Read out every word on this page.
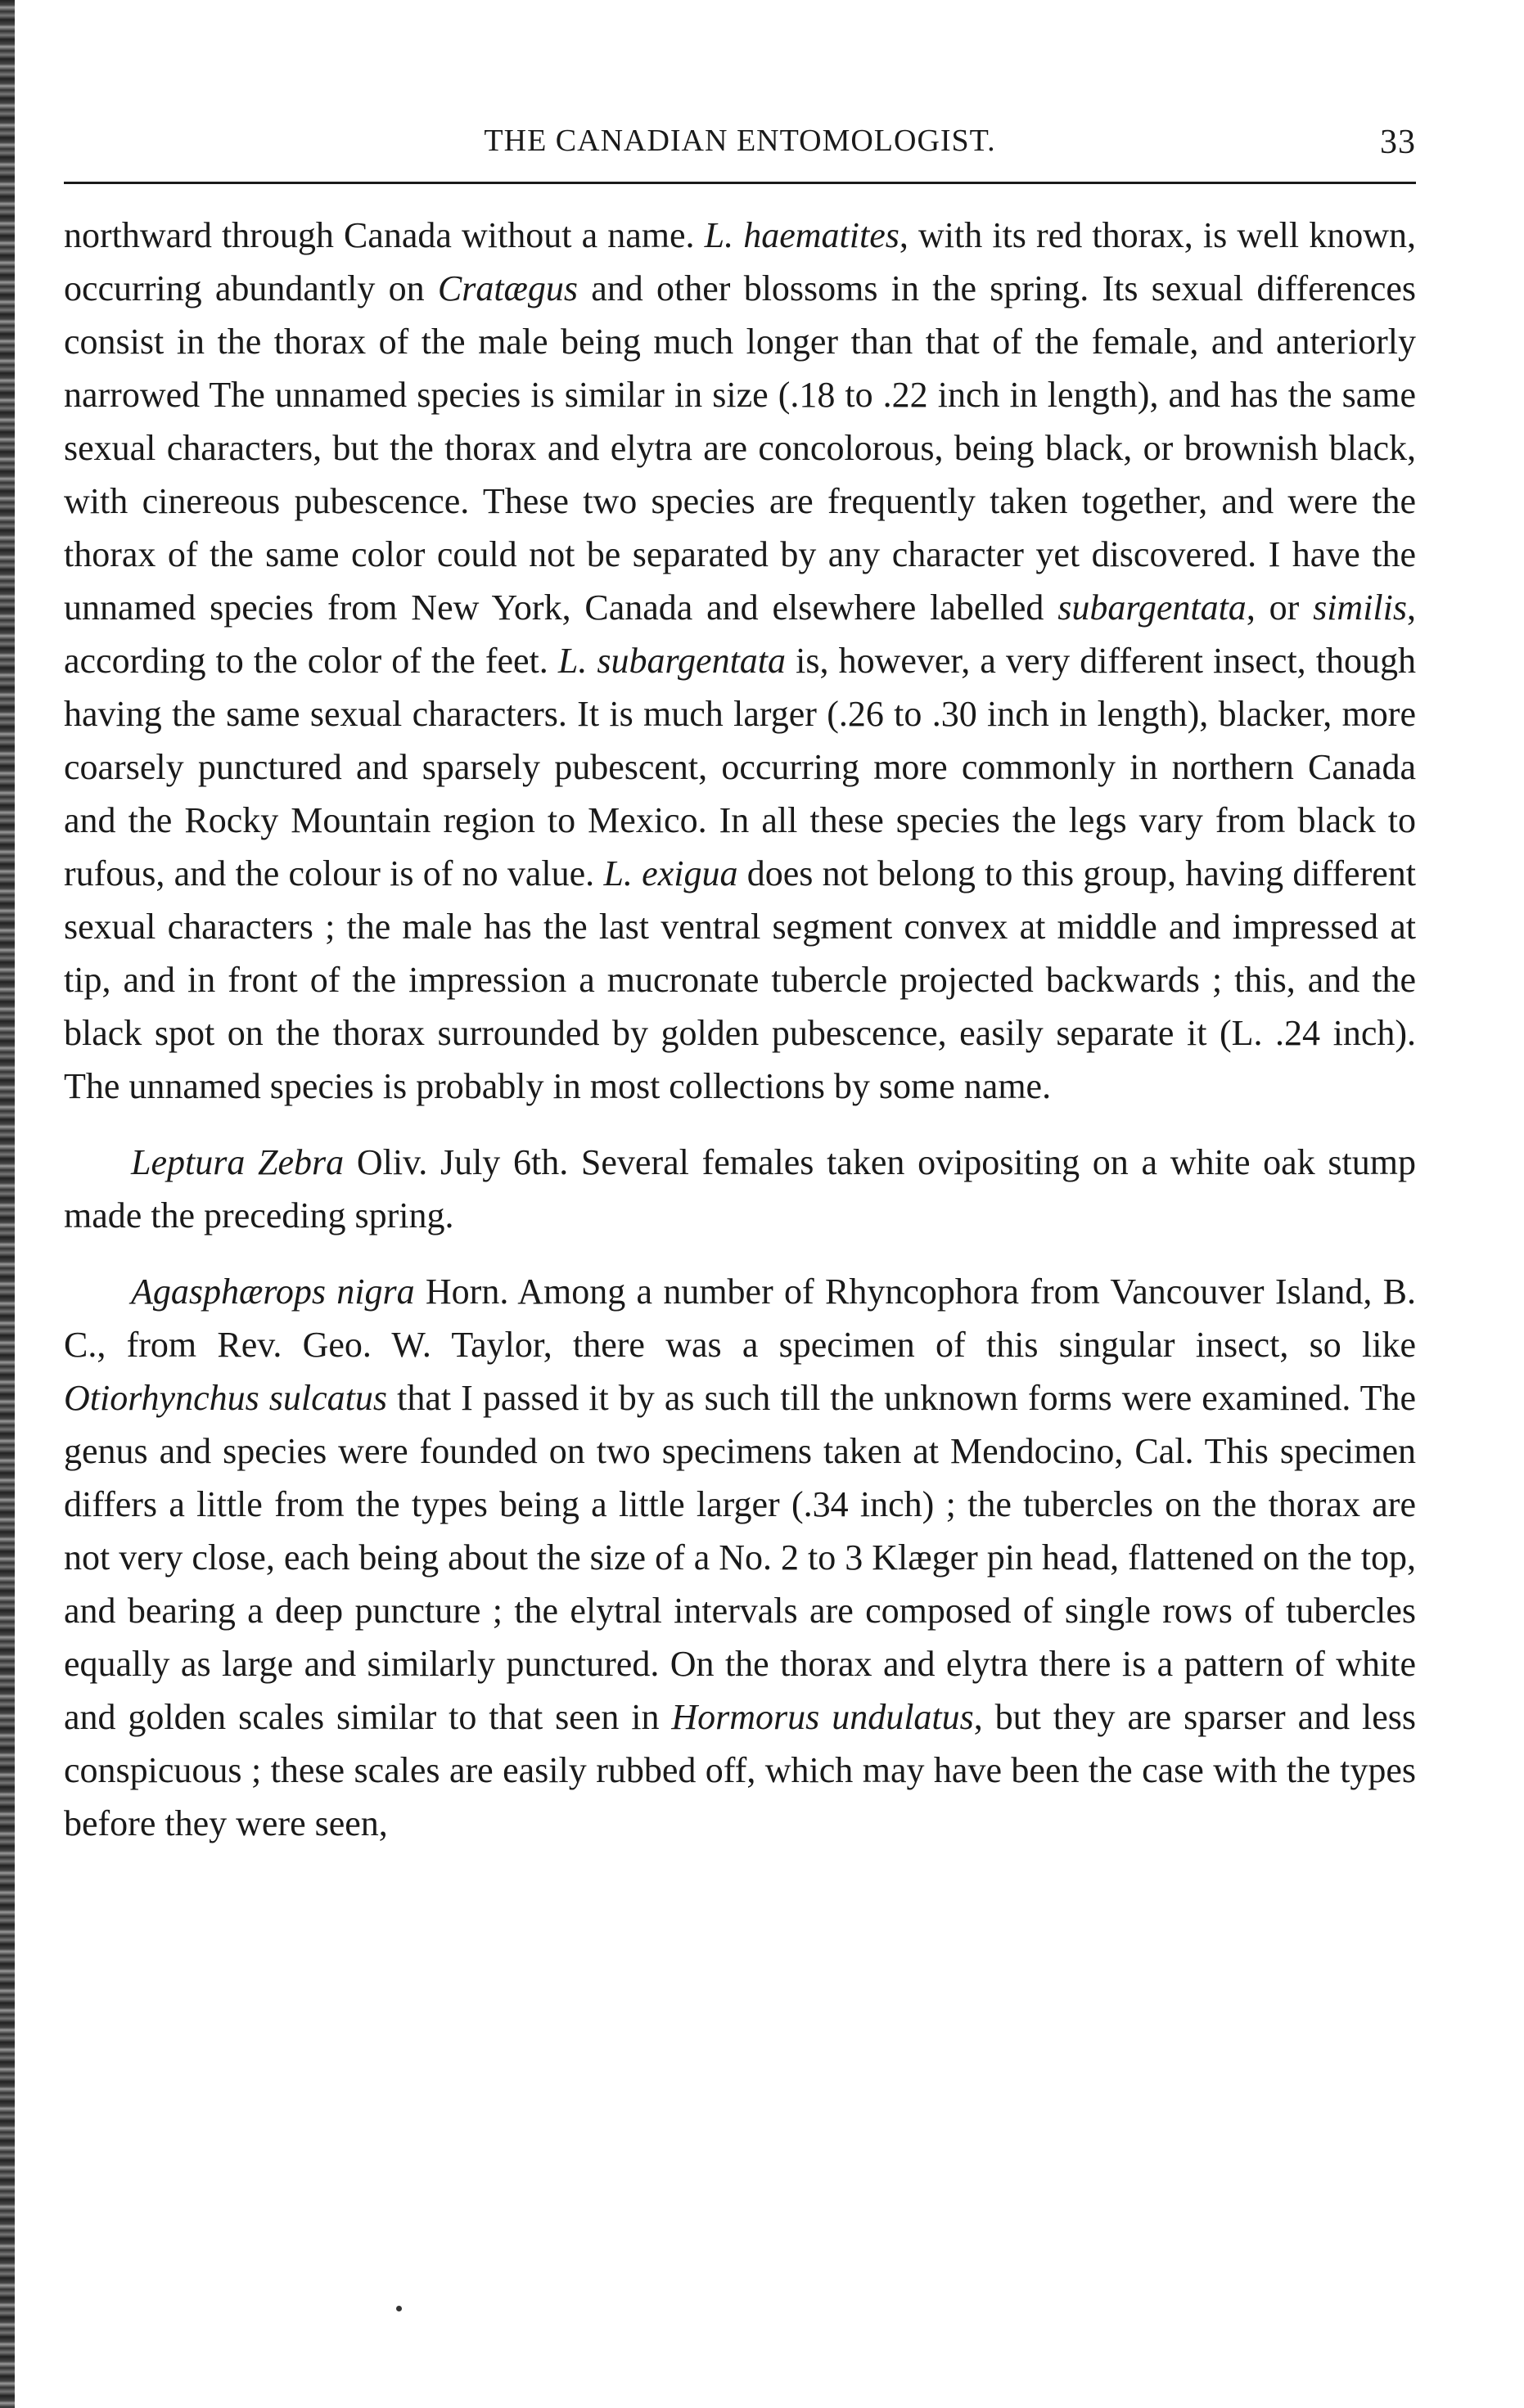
THE CANADIAN ENTOMOLOGIST.	33

northward through Canada without a name. L. haematites, with its red thorax, is well known, occurring abundantly on Cratægus and other blossoms in the spring. Its sexual differences consist in the thorax of the male being much longer than that of the female, and anteriorly narrowed The unnamed species is similar in size (.18 to .22 inch in length), and has the same sexual characters, but the thorax and elytra are concolorous, being black, or brownish black, with cinereous pubescence. These two species are frequently taken together, and were the thorax of the same color could not be separated by any character yet discovered. I have the unnamed species from New York, Canada and elsewhere labelled subargentata, or similis, according to the color of the feet. L. subargentata is, however, a very different insect, though having the same sexual characters. It is much larger (.26 to .30 inch in length), blacker, more coarsely punctured and sparsely pubescent, occurring more commonly in northern Canada and the Rocky Mountain region to Mexico. In all these species the legs vary from black to rufous, and the colour is of no value. L. exigua does not belong to this group, having different sexual characters ; the male has the last ventral segment convex at middle and impressed at tip, and in front of the impression a mucronate tubercle projected backwards ; this, and the black spot on the thorax surrounded by golden pubescence, easily separate it (L. .24 inch). The unnamed species is probably in most collections by some name.

Leptura Zebra Oliv. July 6th. Several females taken ovipositing on a white oak stump made the preceding spring.

Agasphærops nigra Horn. Among a number of Rhyncophora from Vancouver Island, B. C., from Rev. Geo. W. Taylor, there was a specimen of this singular insect, so like Otiorhynchus sulcatus that I passed it by as such till the unknown forms were examined. The genus and species were founded on two specimens taken at Mendocino, Cal. This specimen differs a little from the types being a little larger (.34 inch) ; the tubercles on the thorax are not very close, each being about the size of a No. 2 to 3 Klæger pin head, flattened on the top, and bearing a deep puncture ; the elytral intervals are composed of single rows of tubercles equally as large and similarly punctured. On the thorax and elytra there is a pattern of white and golden scales similar to that seen in Hormorus undulatus, but they are sparser and less conspicuous ; these scales are easily rubbed off, which may have been the case with the types before they were seen,
